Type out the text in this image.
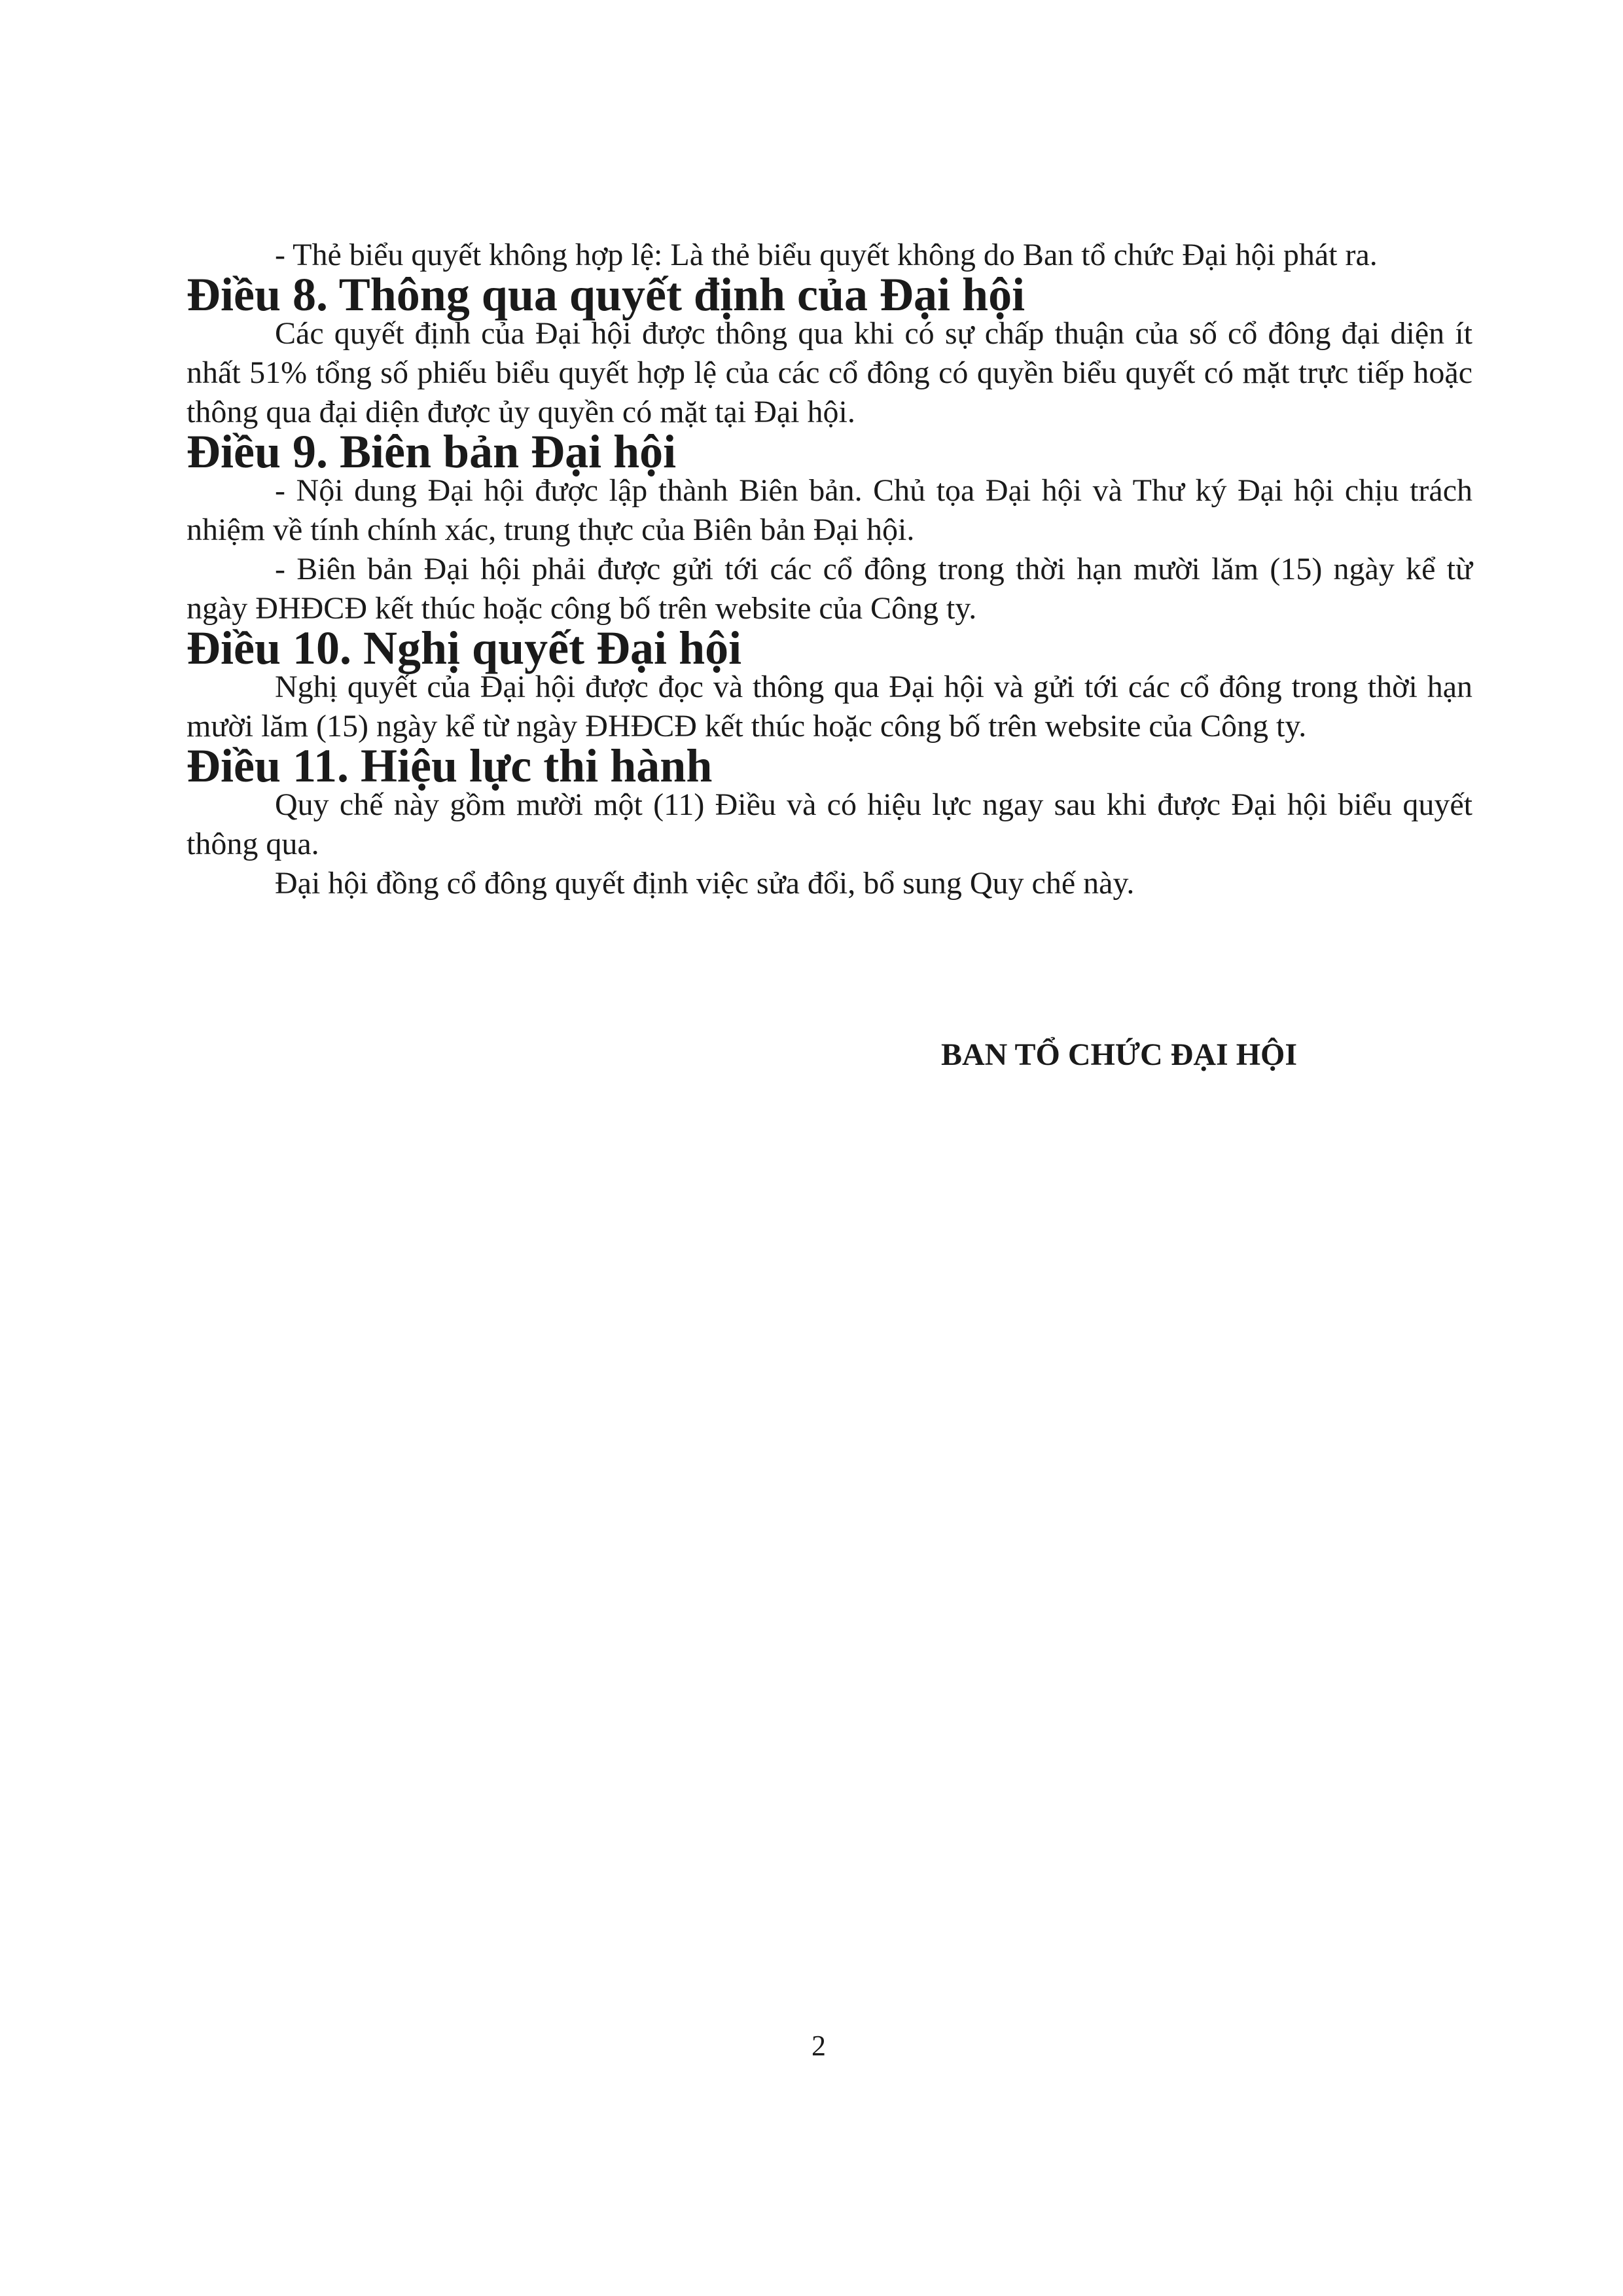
- Thẻ biểu quyết không hợp lệ: Là thẻ biểu quyết không do Ban tổ chức Đại hội phát ra.

Điều 8. Thông qua quyết định của Đại hội

Các quyết định của Đại hội được thông qua khi có sự chấp thuận của số cổ đông đại diện ít nhất 51% tổng số phiếu biểu quyết hợp lệ của các cổ đông có quyền biểu quyết có mặt trực tiếp hoặc thông qua đại diện được ủy quyền có mặt tại Đại hội.

Điều 9. Biên bản Đại hội

- Nội dung Đại hội được lập thành Biên bản. Chủ tọa Đại hội và Thư ký Đại hội chịu trách nhiệm về tính chính xác, trung thực của Biên bản Đại hội.

- Biên bản Đại hội phải được gửi tới các cổ đông trong thời hạn mười lăm (15) ngày kể từ ngày ĐHĐCĐ kết thúc hoặc công bố trên website của Công ty.

Điều 10. Nghị quyết Đại hội

Nghị quyết của Đại hội được đọc và thông qua Đại hội và gửi tới các cổ đông trong thời hạn mười lăm (15) ngày kể từ ngày ĐHĐCĐ kết thúc hoặc công bố trên website của Công ty.

Điều 11. Hiệu lực thi hành

Quy chế này gồm mười một (11) Điều và có hiệu lực ngay sau khi được Đại hội biểu quyết thông qua.

Đại hội đồng cổ đông quyết định việc sửa đổi, bổ sung Quy chế này.

BAN TỔ CHỨC ĐẠI HỘI
2
